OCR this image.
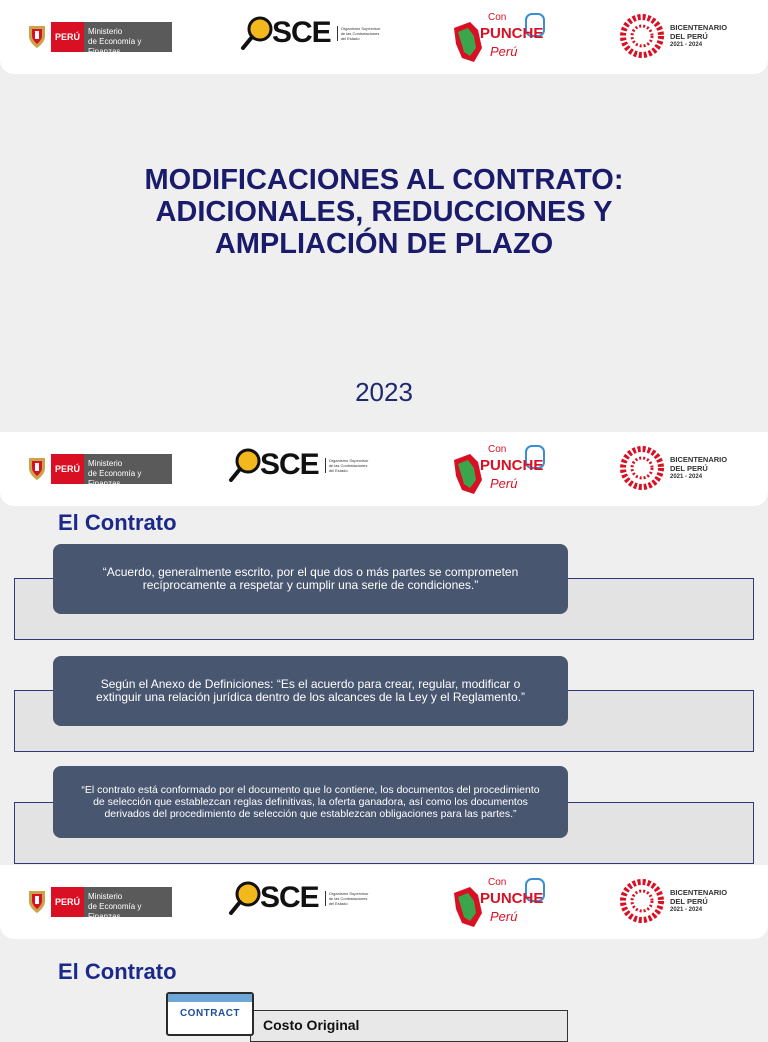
PERÚ
Ministerio
de Economía y Finanzas
SCE	Organismo Supervisor de las Contrataciones del Estado
Con
PUNCHE
Perú
BICENTENARIO
DEL PERÚ
2021 - 2024
MODIFICACIONES AL CONTRATO:
ADICIONALES, REDUCCIONES Y
AMPLIACIÓN DE PLAZO
2023
PERÚ
Ministerio
de Economía y Finanzas
SCE	Organismo Supervisor de las Contrataciones del Estado
Con
PUNCHE
Perú
BICENTENARIO
DEL PERÚ
2021 - 2024
El Contrato
“Acuerdo, generalmente escrito, por el que dos o más partes se comprometen recíprocamente a respetar y cumplir una serie de condiciones.”
Según el Anexo de Definiciones: “Es el acuerdo para crear, regular, modificar o extinguir una relación jurídica dentro de los alcances de la Ley y el Reglamento.”
“El contrato está conformado por el documento que lo contiene, los documentos del procedimiento de selección que establezcan reglas definitivas, la oferta ganadora, así como los documentos derivados del procedimiento de selección que establezcan obligaciones para las partes.”
PERÚ
Ministerio
de Economía y Finanzas
SCE	Organismo Supervisor de las Contrataciones del Estado
Con
PUNCHE
Perú
BICENTENARIO
DEL PERÚ
2021 - 2024
El Contrato
Costo Original
CONTRACT
